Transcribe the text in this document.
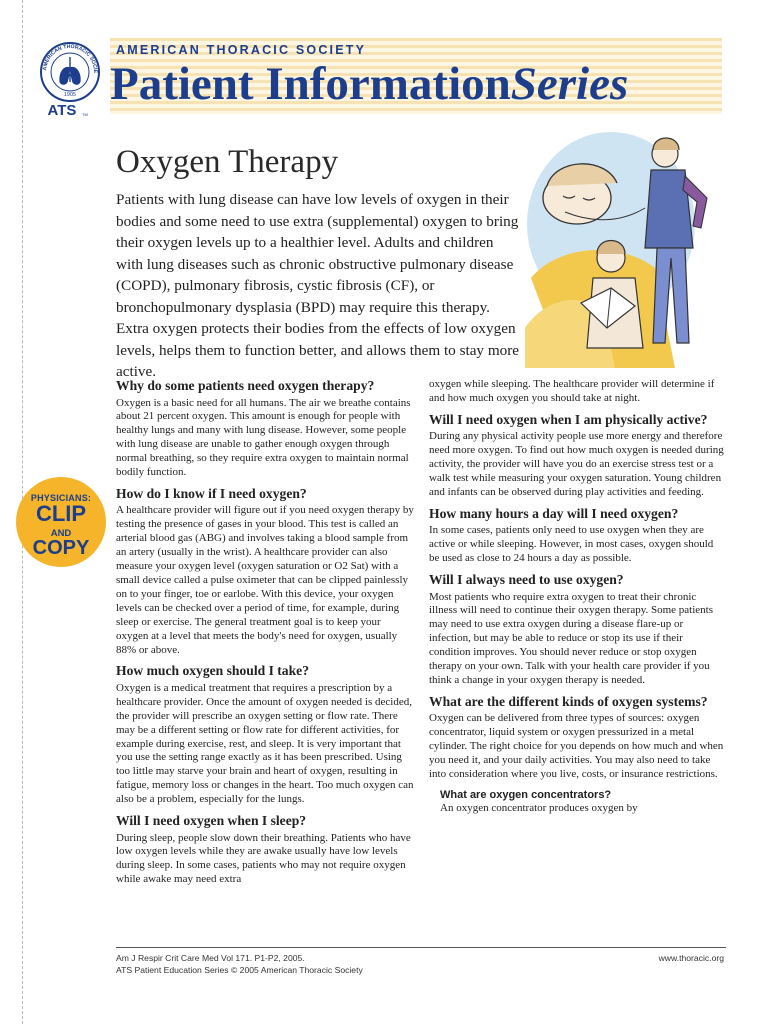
AMERICAN THORACIC SOCIE
1905
ATS TM

AMERICAN THORACIC SOCIETY

Patient InformationSeries
Oxygen Therapy

Patients with lung disease can have low levels of oxygen in their bodies and some need to use extra (supplemental) oxygen to bring their oxygen levels up to a healthier level. Adults and children with lung diseases such as chronic obstructive pulmonary disease (COPD), pulmonary fibrosis, cystic fibrosis (CF), or bronchopulmonary dysplasia (BPD) may require this therapy. Extra oxygen protects their bodies from the effects of low oxygen levels, helps them to function better, and allows them to stay more active.

PHYSICIANS:
CLIP
AND
COPY
Why do some patients need oxygen therapy?

Oxygen is a basic need for all humans. The air we breathe contains about 21 percent oxygen. This amount is enough for people with healthy lungs and many with lung disease. However, some people with lung disease are unable to gather enough oxygen through normal breathing, so they require extra oxygen to maintain normal bodily function.

How do I know if I need oxygen?

A healthcare provider will figure out if you need oxygen therapy by testing the presence of gases in your blood. This test is called an arterial blood gas (ABG) and involves taking a blood sample from an artery (usually in the wrist). A healthcare provider can also measure your oxygen level (oxygen saturation or O2 Sat) with a small device called a pulse oximeter that can be clipped painlessly on to your finger, toe or earlobe. With this device, your oxygen levels can be checked over a period of time, for example, during sleep or exercise. The general treatment goal is to keep your oxygen at a level that meets the body's need for oxygen, usually 88% or above.

How much oxygen should I take?

Oxygen is a medical treatment that requires a prescription by a healthcare provider. Once the amount of oxygen needed is decided, the provider will prescribe an oxygen setting or flow rate. There may be a different setting or flow rate for different activities, for example during exercise, rest, and sleep. It is very important that you use the setting range exactly as it has been prescribed. Using too little may starve your brain and heart of oxygen, resulting in fatigue, memory loss or changes in the heart. Too much oxygen can also be a problem, especially for the lungs.

Will I need oxygen when I sleep?

During sleep, people slow down their breathing. Patients who have low oxygen levels while they are awake usually have low levels during sleep. In some cases, patients who may not require oxygen while awake may need extra

oxygen while sleeping. The healthcare provider will determine if and how much oxygen you should take at night.

Will I need oxygen when I am physically active?

During any physical activity people use more energy and therefore need more oxygen. To find out how much oxygen is needed during activity, the provider will have you do an exercise stress test or a walk test while measuring your oxygen saturation. Young children and infants can be observed during play activities and feeding.

How many hours a day will I need oxygen?

In some cases, patients only need to use oxygen when they are active or while sleeping. However, in most cases, oxygen should be used as close to 24 hours a day as possible.

Will I always need to use oxygen?

Most patients who require extra oxygen to treat their chronic illness will need to continue their oxygen therapy. Some patients may need to use extra oxygen during a disease flare-up or infection, but may be able to reduce or stop its use if their condition improves. You should never reduce or stop oxygen therapy on your own. Talk with your health care provider if you think a change in your oxygen therapy is needed.

What are the different kinds of oxygen systems?

Oxygen can be delivered from three types of sources: oxygen concentrator, liquid system or oxygen pressurized in a metal cylinder. The right choice for you depends on how much and when you need it, and your daily activities. You may also need to take into consideration where you live, costs, or insurance restrictions.

What are oxygen concentrators?

An oxygen concentrator produces oxygen by

Am J Respir Crit Care Med Vol 171. P1-P2, 2005.
ATS Patient Education Series © 2005 American Thoracic Society

www.thoracic.org
